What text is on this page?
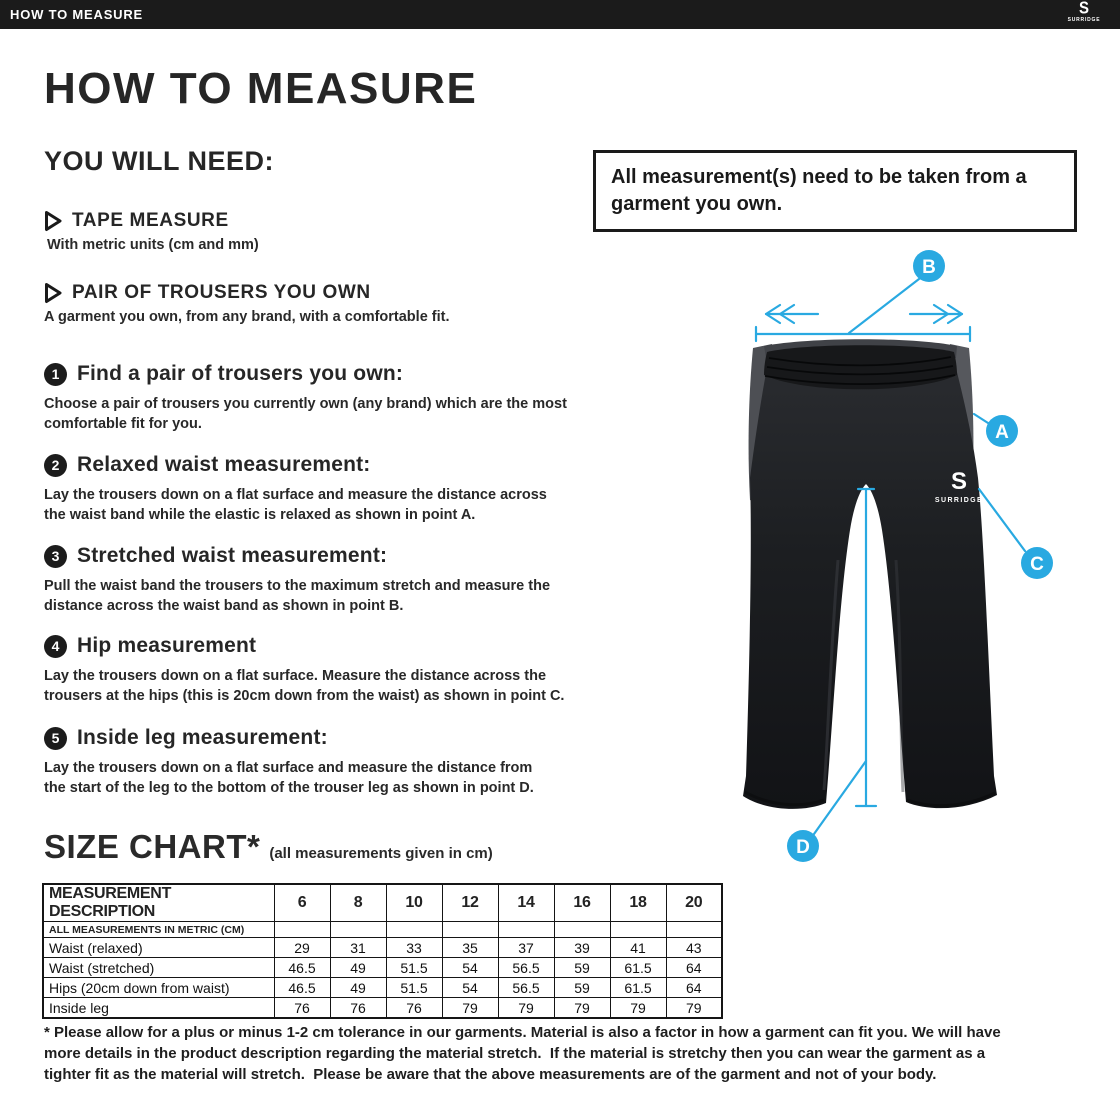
HOW TO MEASURE	S
SURRIDGE
HOW TO MEASURE
YOU WILL NEED:
TAPE MEASURE
With metric units (cm and mm)
PAIR OF TROUSERS YOU OWN
A garment you own, from any brand, with a comfortable fit.
All measurement(s) need to be taken from a garment you own.
1 Find a pair of trousers you own:
Choose a pair of trousers you currently own (any brand) which are the most
comfortable fit for you.
2 Relaxed waist measurement:
Lay the trousers down on a flat surface and measure the distance across
the waist band while the elastic is relaxed as shown in point A.
3 Stretched waist measurement:
Pull the waist band the trousers to the maximum stretch and measure the
distance across the waist band as shown in point B.
4 Hip measurement
Lay the trousers down on a flat surface. Measure the distance across the
trousers at the hips (this is 20cm down from the waist) as shown in point C.
5 Inside leg measurement:
Lay the trousers down on a flat surface and measure the distance from
the start of the leg to the bottom of the trouser leg as shown in point D.
S
SURRIDGE
B
A
C
D
SIZE CHART* (all measurements given in cm)
MEASUREMENT DESCRIPTION	6	8	10	12	14	16	18	20
ALL MEASUREMENTS IN METRIC (CM)								
Waist (relaxed)	29	31	33	35	37	39	41	43
Waist (stretched)	46.5	49	51.5	54	56.5	59	61.5	64
Hips (20cm down from waist)	46.5	49	51.5	54	56.5	59	61.5	64
Inside leg	76	76	76	79	79	79	79	79
* Please allow for a plus or minus 1-2 cm tolerance in our garments. Material is also a factor in how a garment can fit you. We will have
more details in the product description regarding the material stretch.  If the material is stretchy then you can wear the garment as a
tighter fit as the material will stretch.  Please be aware that the above measurements are of the garment and not of your body.
